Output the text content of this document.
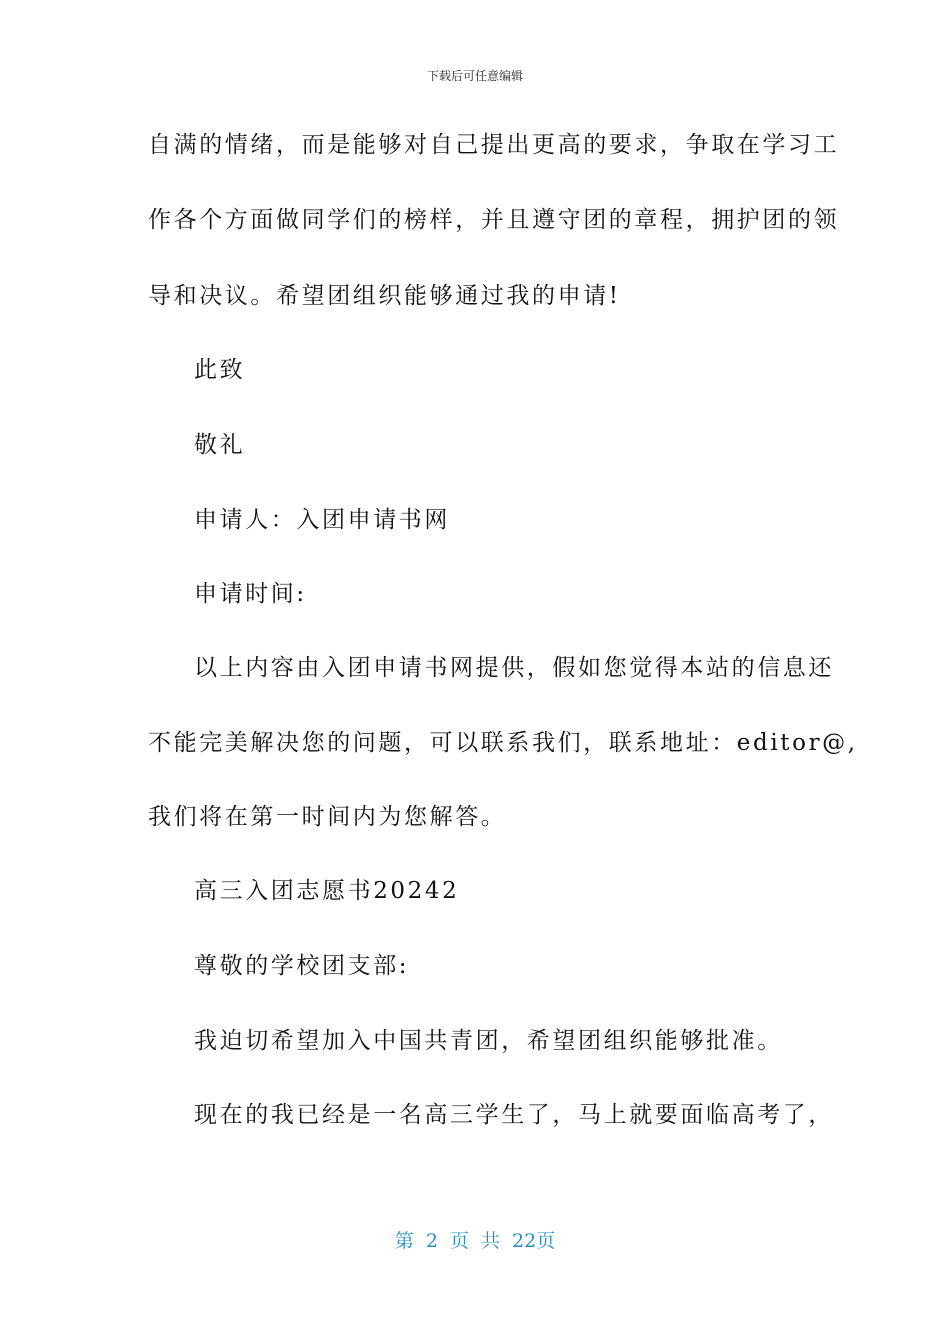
下载后可任意编辑
自满的情绪，而是能够对自己提出更高的要求，争取在学习工
作各个方面做同学们的榜样，并且遵守团的章程，拥护团的领
导和决议。希望团组织能够通过我的申请!
此致
敬礼
申请人：入团申请书网
申请时间:
以上内容由入团申请书网提供，假如您觉得本站的信息还
不能完美解决您的问题，可以联系我们，联系地址：editor@,
我们将在第一时间内为您解答。
高三入团志愿书20242
尊敬的学校团支部:
我迫切希望加入中国共青团，希望团组织能够批准。
现在的我已经是一名高三学生了，马上就要面临高考了，
第 2 页 共 22页
